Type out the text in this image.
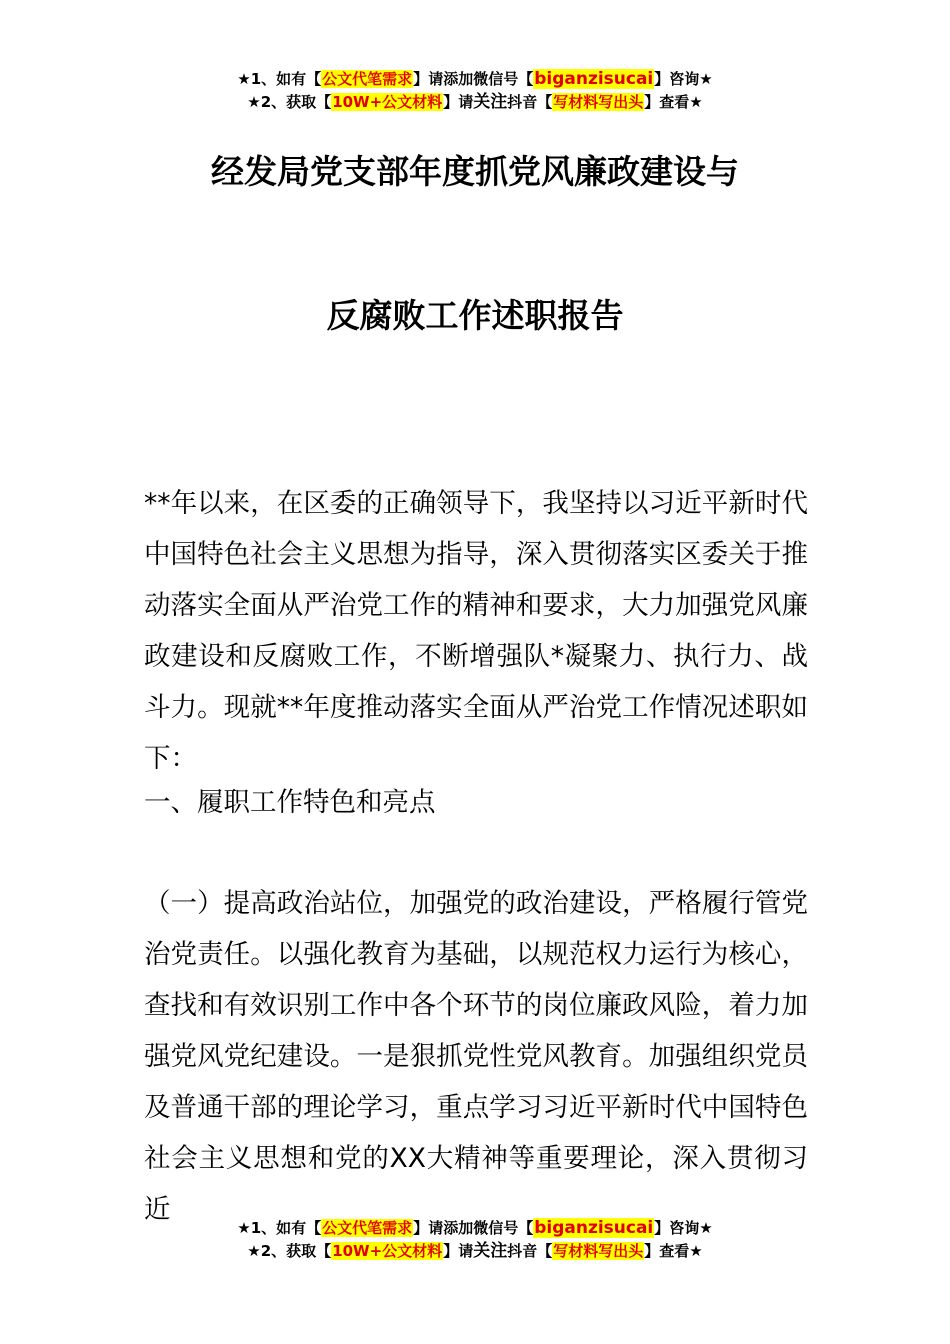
★1、如有【公文代笔需求】请添加微信号【biganzisucai】咨询★
★2、获取【10W+公文材料】请关注抖音【写材料写出头】查看★
经发局党支部年度抓党风廉政建设与
反腐败工作述职报告

**年以来，在区委的正确领导下，我坚持以习近平新时代中国特色社会主义思想为指导，深入贯彻落实区委关于推动落实全面从严治党工作的精神和要求，大力加强党风廉政建设和反腐败工作，不断增强队*凝聚力、执行力、战斗力。现就**年度推动落实全面从严治党工作情况述职如下：

一、履职工作特色和亮点

（一）提高政治站位，加强党的政治建设，严格履行管党治党责任。以强化教育为基础，以规范权力运行为核心，查找和有效识别工作中各个环节的岗位廉政风险，着力加强党风党纪建设。一是狠抓党性党风教育。加强组织党员及普通干部的理论学习，重点学习习近平新时代中国特色社会主义思想和党的XX大精神等重要理论，深入贯彻习近

★1、如有【公文代笔需求】请添加微信号【biganzisucai】咨询★
★2、获取【10W+公文材料】请关注抖音【写材料写出头】查看★
